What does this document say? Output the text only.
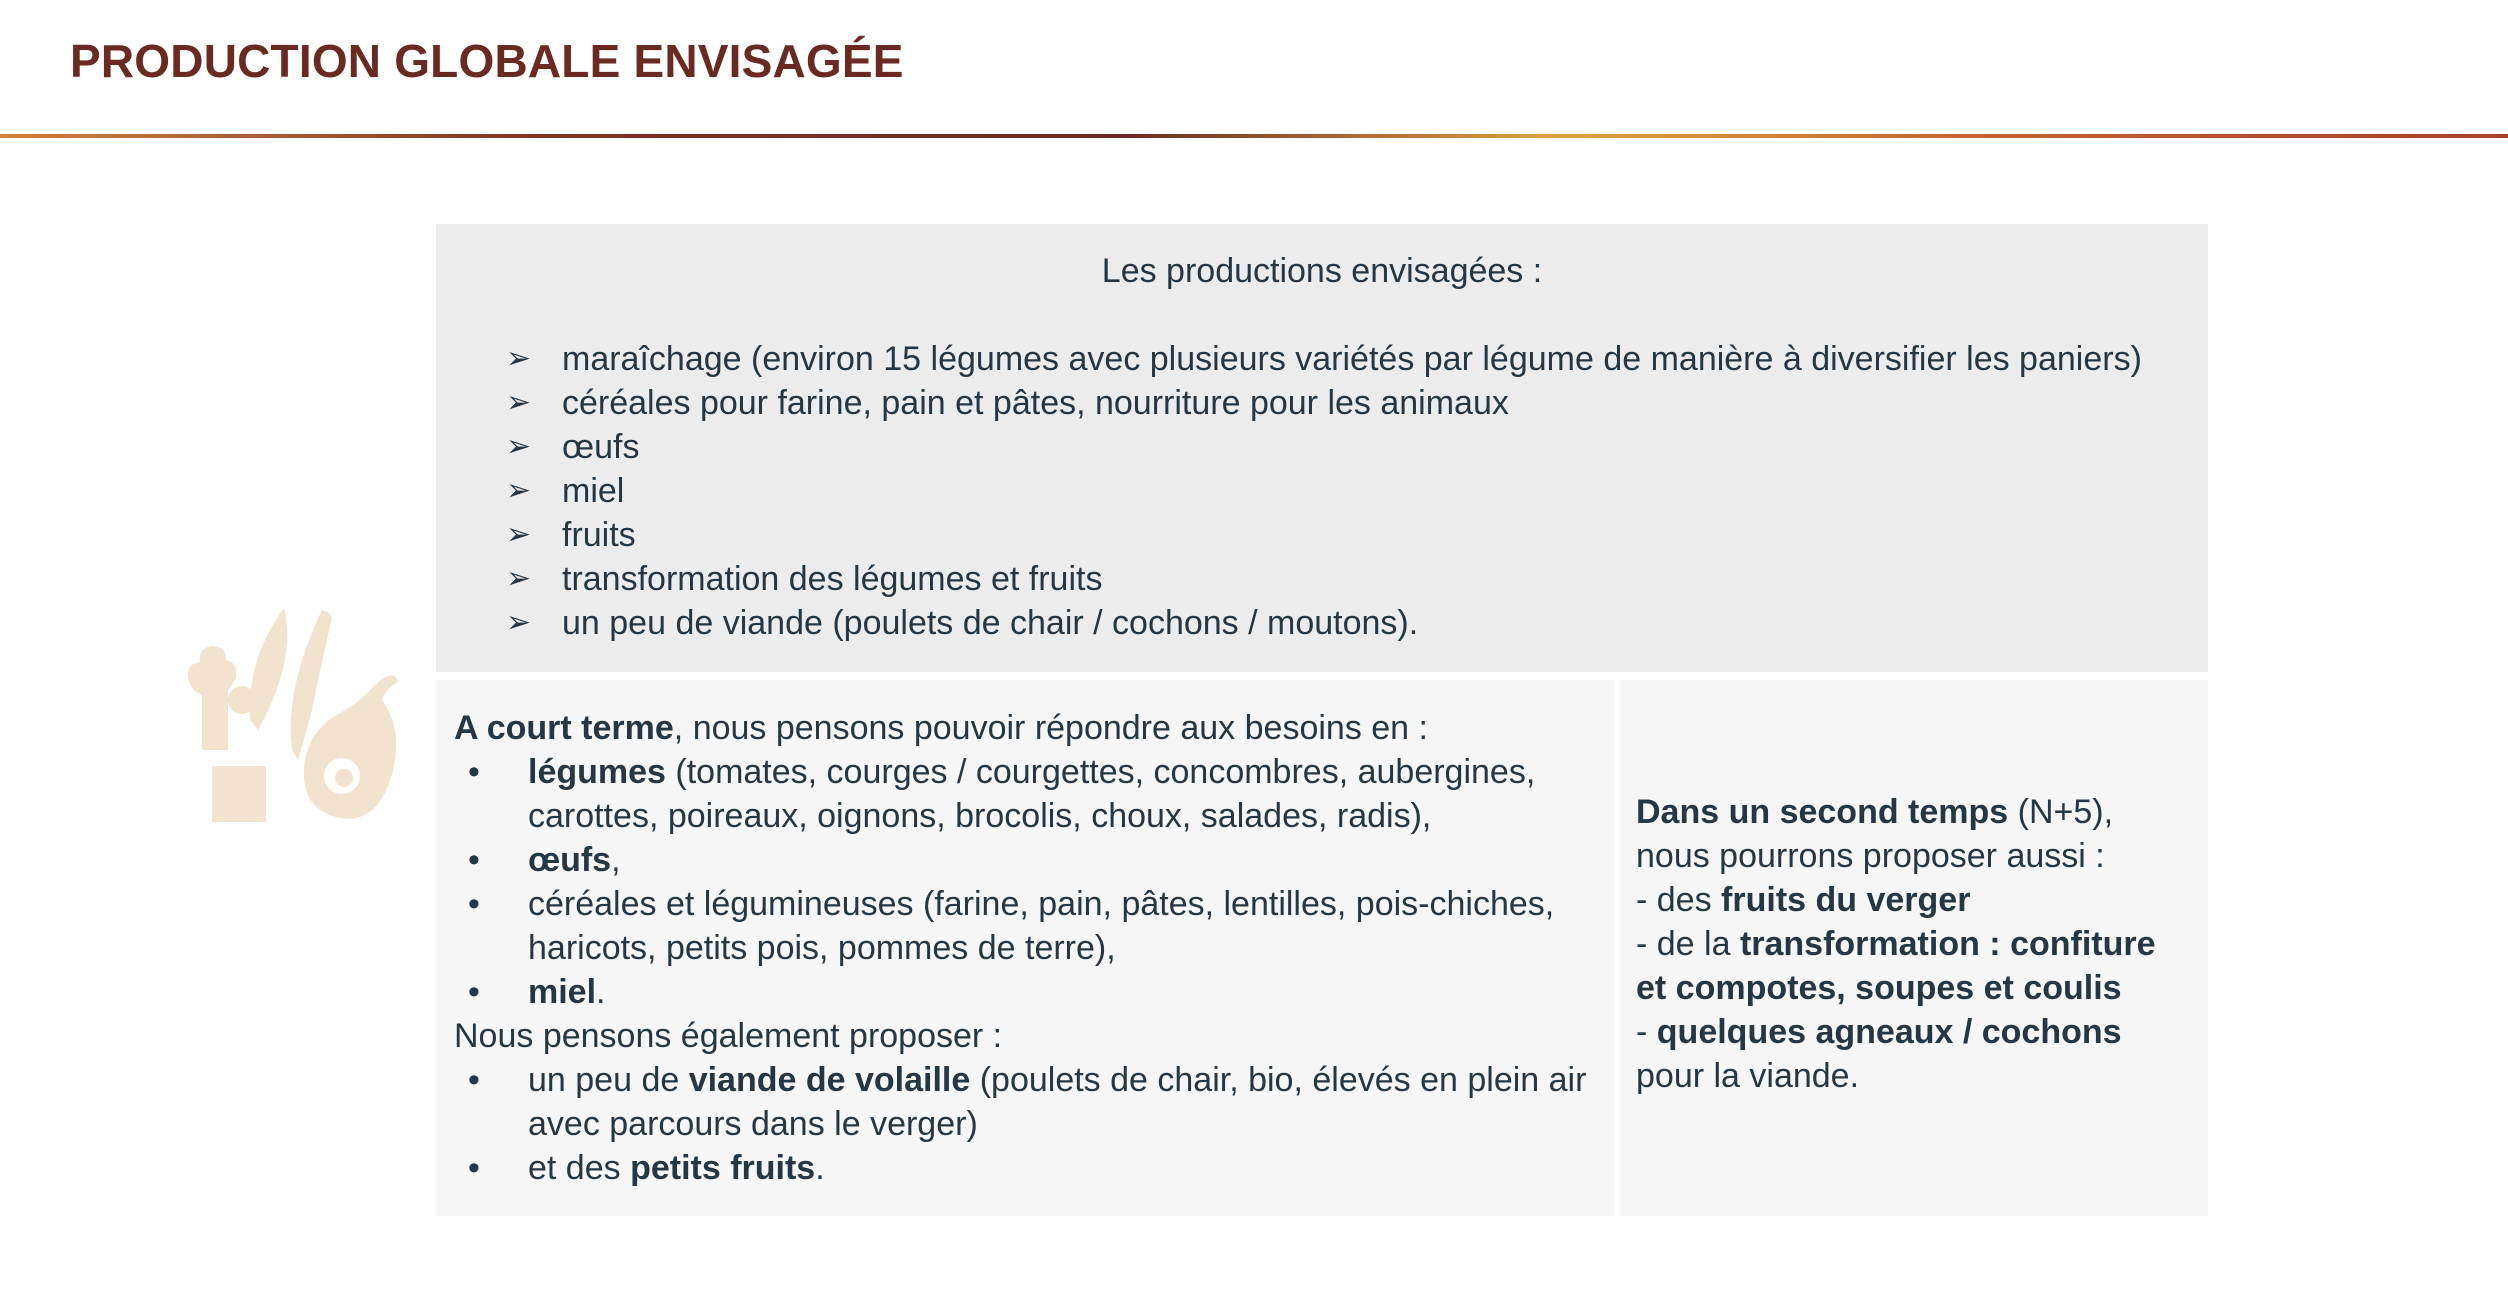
PRODUCTION GLOBALE ENVISAGÉE
Les productions envisagées :
➢ maraîchage (environ 15 légumes avec plusieurs variétés par légume de manière à diversifier les paniers)
➢ céréales pour farine, pain et pâtes, nourriture pour les animaux
➢ œufs
➢ miel
➢ fruits
➢ transformation des légumes et fruits
➢ un peu de viande (poulets de chair / cochons / moutons).

A court terme, nous pensons pouvoir répondre aux besoins en :

• légumes (tomates, courges / courgettes, concombres, aubergines, carottes, poireaux, oignons, brocolis, choux, salades, radis),
• œufs,
• céréales et légumineuses (farine, pain, pâtes, lentilles, pois-chiches, haricots, petits pois, pommes de terre),
• miel.

Nous pensons également proposer :

• un peu de viande de volaille (poulets de chair, bio, élevés en plein air avec parcours dans le verger)
• et des petits fruits.

Dans un second temps (N+5), nous pourrons proposer aussi :

- des fruits du verger

- de la transformation : confiture et compotes, soupes et coulis

- quelques agneaux / cochons pour la viande.
